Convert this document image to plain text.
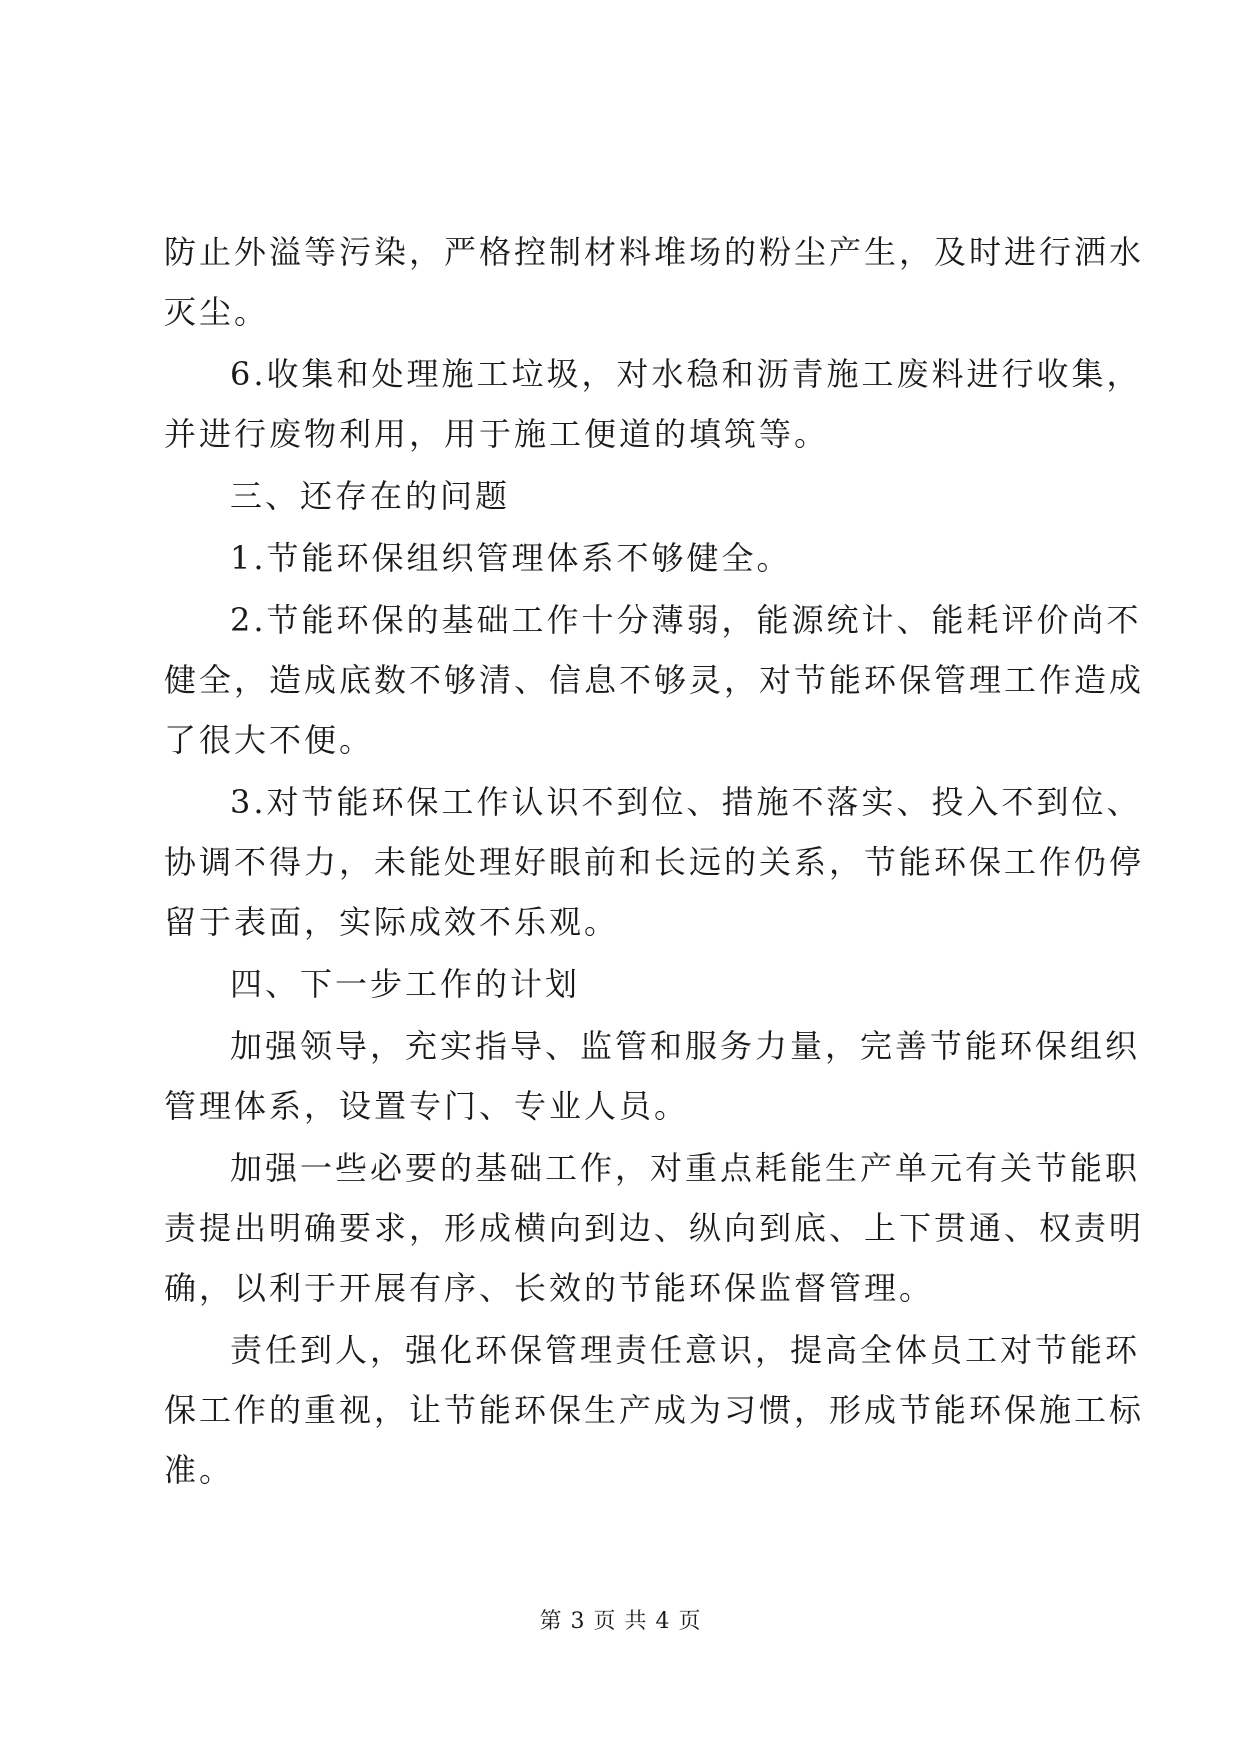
防止外溢等污染，严格控制材料堆场的粉尘产生，及时进行洒水
灭尘。
6.收集和处理施工垃圾，对水稳和沥青施工废料进行收集，
并进行废物利用，用于施工便道的填筑等。
三、还存在的问题
1.节能环保组织管理体系不够健全。
2.节能环保的基础工作十分薄弱，能源统计、能耗评价尚不
健全，造成底数不够清、信息不够灵，对节能环保管理工作造成
了很大不便。
3.对节能环保工作认识不到位、措施不落实、投入不到位、
协调不得力，未能处理好眼前和长远的关系，节能环保工作仍停
留于表面，实际成效不乐观。
四、下一步工作的计划
加强领导，充实指导、监管和服务力量，完善节能环保组织
管理体系，设置专门、专业人员。
加强一些必要的基础工作，对重点耗能生产单元有关节能职
责提出明确要求，形成横向到边、纵向到底、上下贯通、权责明
确，以利于开展有序、长效的节能环保监督管理。
责任到人，强化环保管理责任意识，提高全体员工对节能环
保工作的重视，让节能环保生产成为习惯，形成节能环保施工标
准。
第 3 页 共 4 页
